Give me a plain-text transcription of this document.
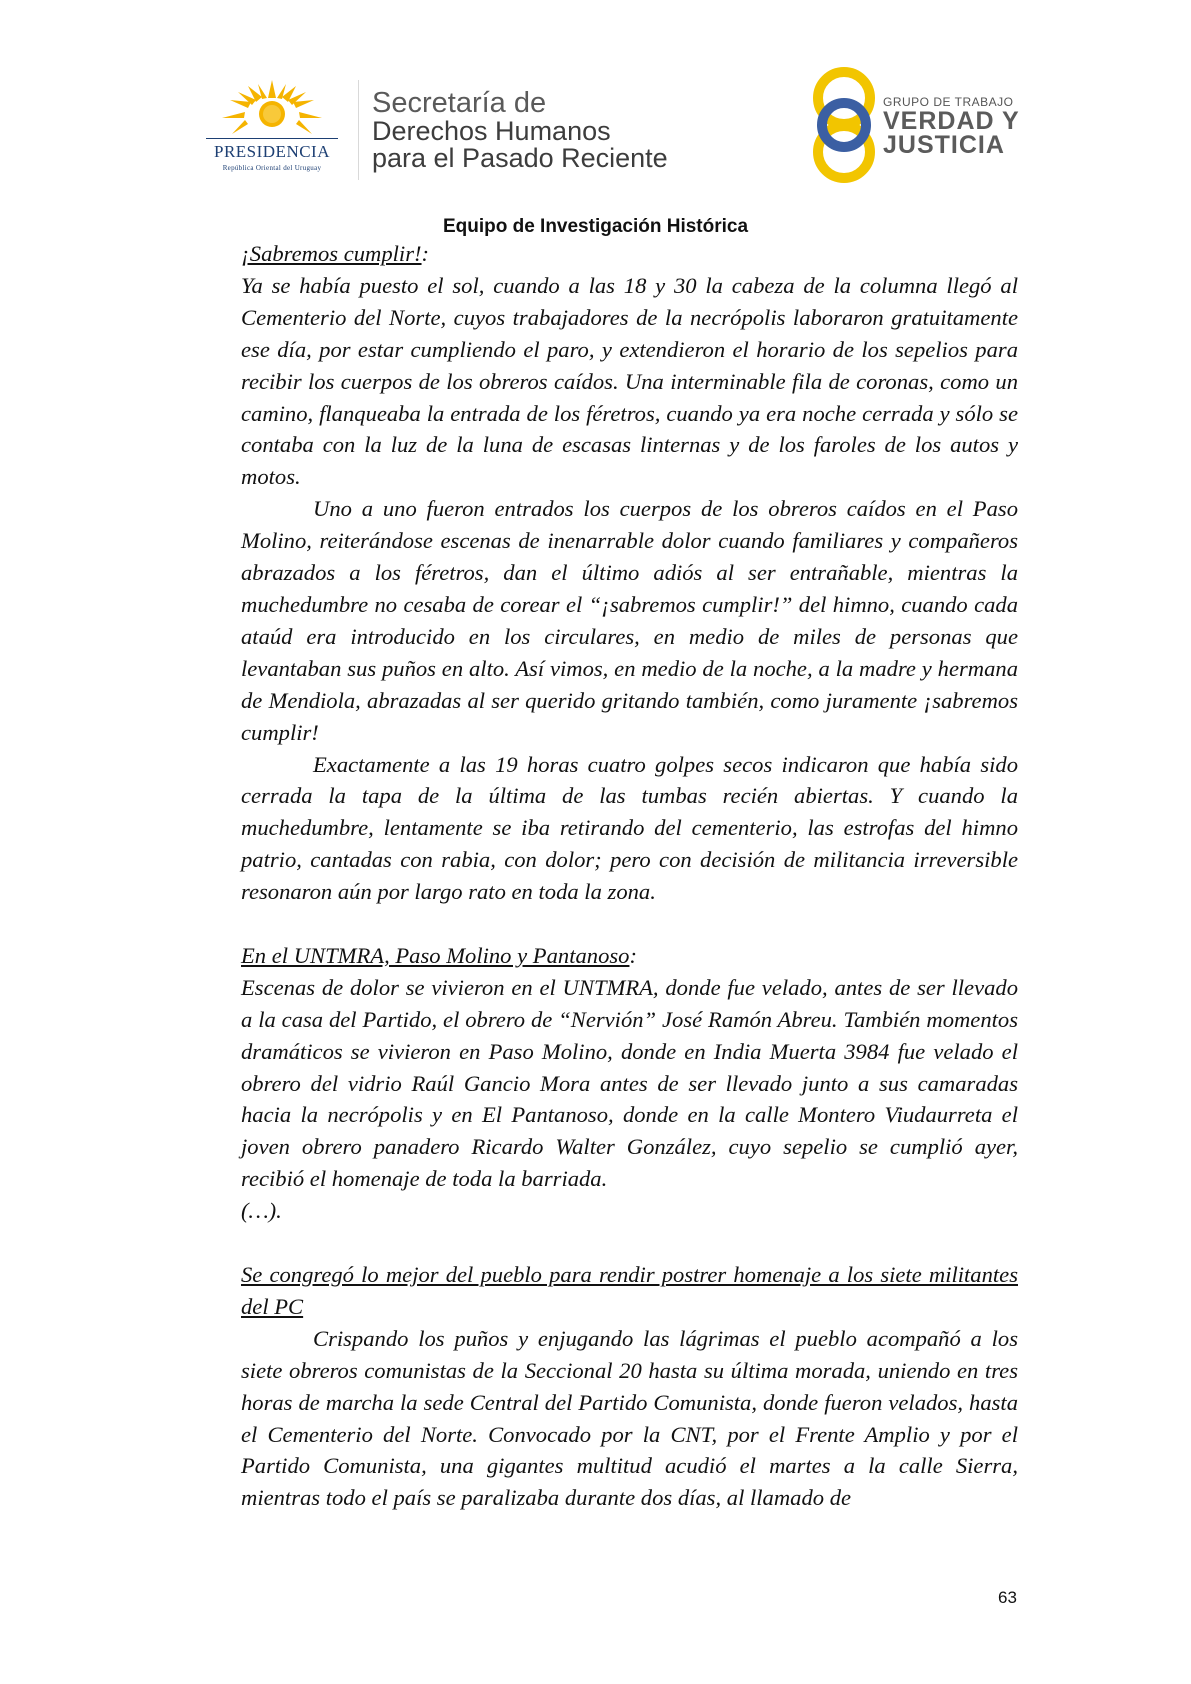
PRESIDENCIA
República Oriental del Uruguay
Secretaría de
Derechos Humanos
para el Pasado Reciente
GRUPO DE TRABAJO
VERDAD Y
JUSTICIA
Equipo de Investigación Histórica

¡Sabremos cumplir!:

Ya se había puesto el sol, cuando a las 18 y 30 la cabeza de la columna llegó al Cementerio del Norte, cuyos trabajadores de la necrópolis laboraron gratuitamente ese día, por estar cumpliendo el paro, y extendieron el horario de los sepelios para recibir los cuerpos de los obreros caídos. Una interminable fila de coronas, como un camino, flanqueaba la entrada de los féretros, cuando ya era noche cerrada y sólo se contaba con la luz de la luna de escasas linternas y de los faroles de los autos y motos.

Uno a uno fueron entrados los cuerpos de los obreros caídos en el Paso Molino, reiterándose escenas de inenarrable dolor cuando familiares y compañeros abrazados a los féretros, dan el último adiós al ser entrañable, mientras la muchedumbre no cesaba de corear el “¡sabremos cumplir!” del himno, cuando cada ataúd era introducido en los circulares, en medio de miles de personas que levantaban sus puños en alto. Así vimos, en medio de la noche, a la madre y hermana de Mendiola, abrazadas al ser querido gritando también, como juramente ¡sabremos cumplir!

Exactamente a las 19 horas cuatro golpes secos indicaron que había sido cerrada la tapa de la última de las tumbas recién abiertas. Y cuando la muchedumbre, lentamente se iba retirando del cementerio, las estrofas del himno patrio, cantadas con rabia, con dolor; pero con decisión de militancia irreversible resonaron aún por largo rato en toda la zona.

En el UNTMRA, Paso Molino y Pantanoso:

Escenas de dolor se vivieron en el UNTMRA, donde fue velado, antes de ser llevado a la casa del Partido, el obrero de “Nervión” José Ramón Abreu. También momentos dramáticos se vivieron en Paso Molino, donde en India Muerta 3984 fue velado el obrero del vidrio Raúl Gancio Mora antes de ser llevado junto a sus camaradas hacia la necrópolis y en El Pantanoso, donde en la calle Montero Viudaurreta el joven obrero panadero Ricardo Walter González, cuyo sepelio se cumplió ayer, recibió el homenaje de toda la barriada.

(…).

Se congregó lo mejor del pueblo para rendir postrer homenaje a los siete militantes del PC

Crispando los puños y enjugando las lágrimas el pueblo acompañó a los siete obreros comunistas de la Seccional 20 hasta su última morada, uniendo en tres horas de marcha la sede Central del Partido Comunista, donde fueron velados, hasta el Cementerio del Norte. Convocado por la CNT, por el Frente Amplio y por el Partido Comunista, una gigantes multitud acudió el martes a la calle Sierra, mientras todo el país se paralizaba durante dos días, al llamado de

63
